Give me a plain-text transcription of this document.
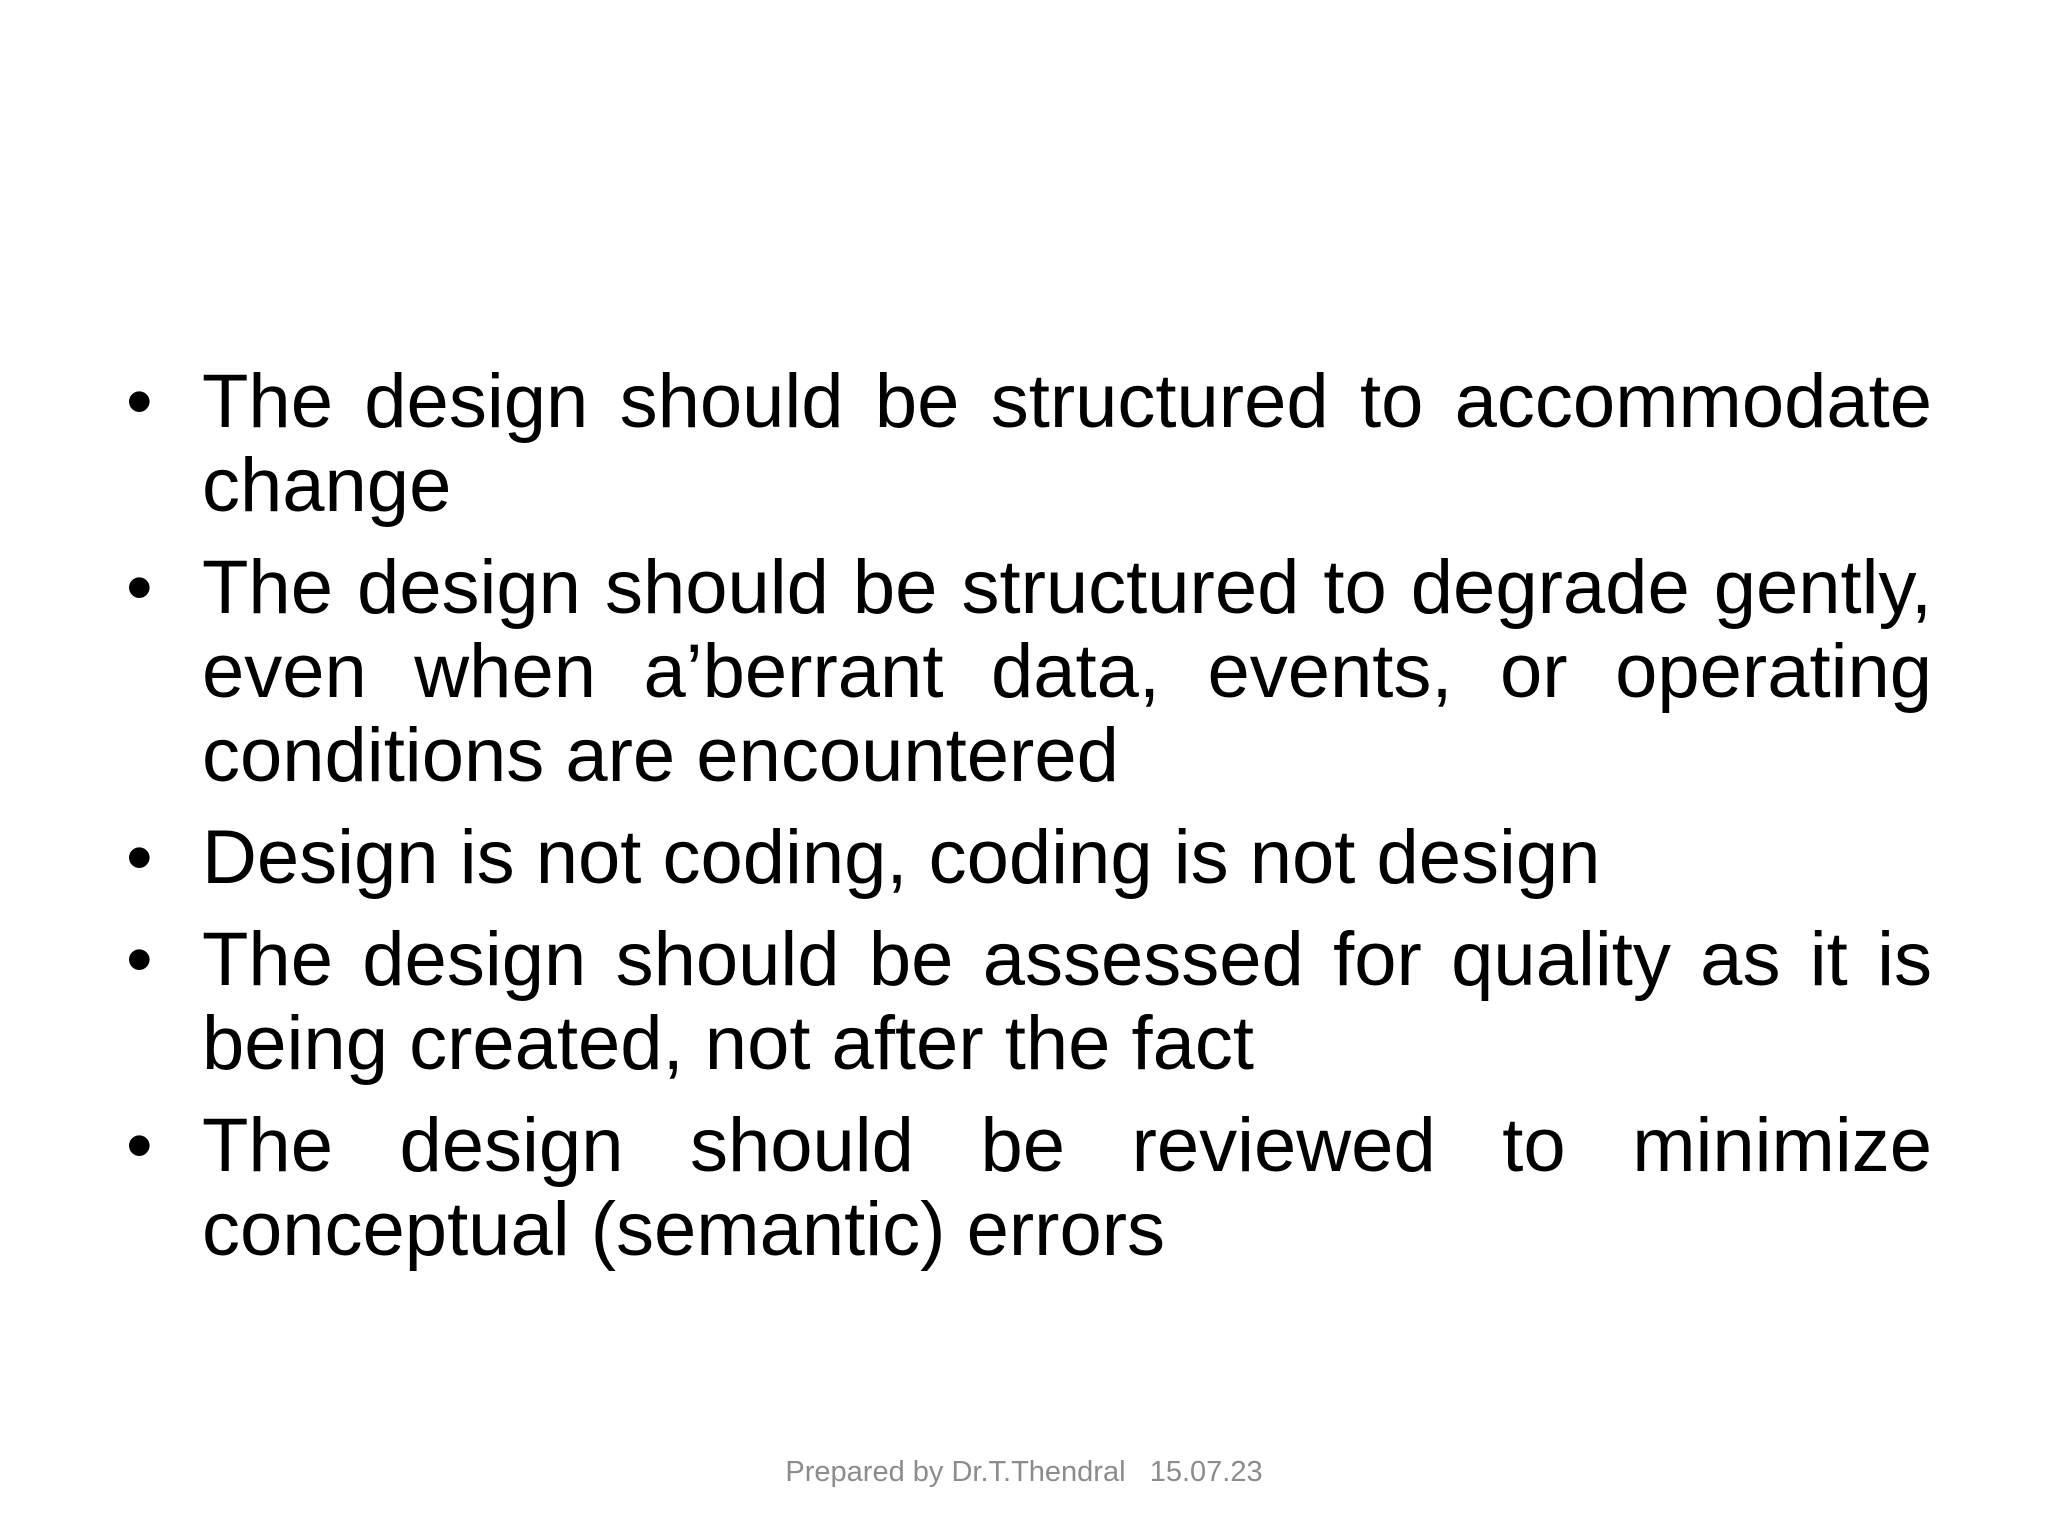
• The design should be structured to accommodate change
• The design should be structured to degrade gently, even when a’berrant data, events, or operating conditions are encountered
• Design is not coding, coding is not design
• The design should be assessed for quality as it is being created, not after the fact
• The design should be reviewed to minimize conceptual (semantic) errors
Prepared by Dr.T.Thendral   15.07.23
